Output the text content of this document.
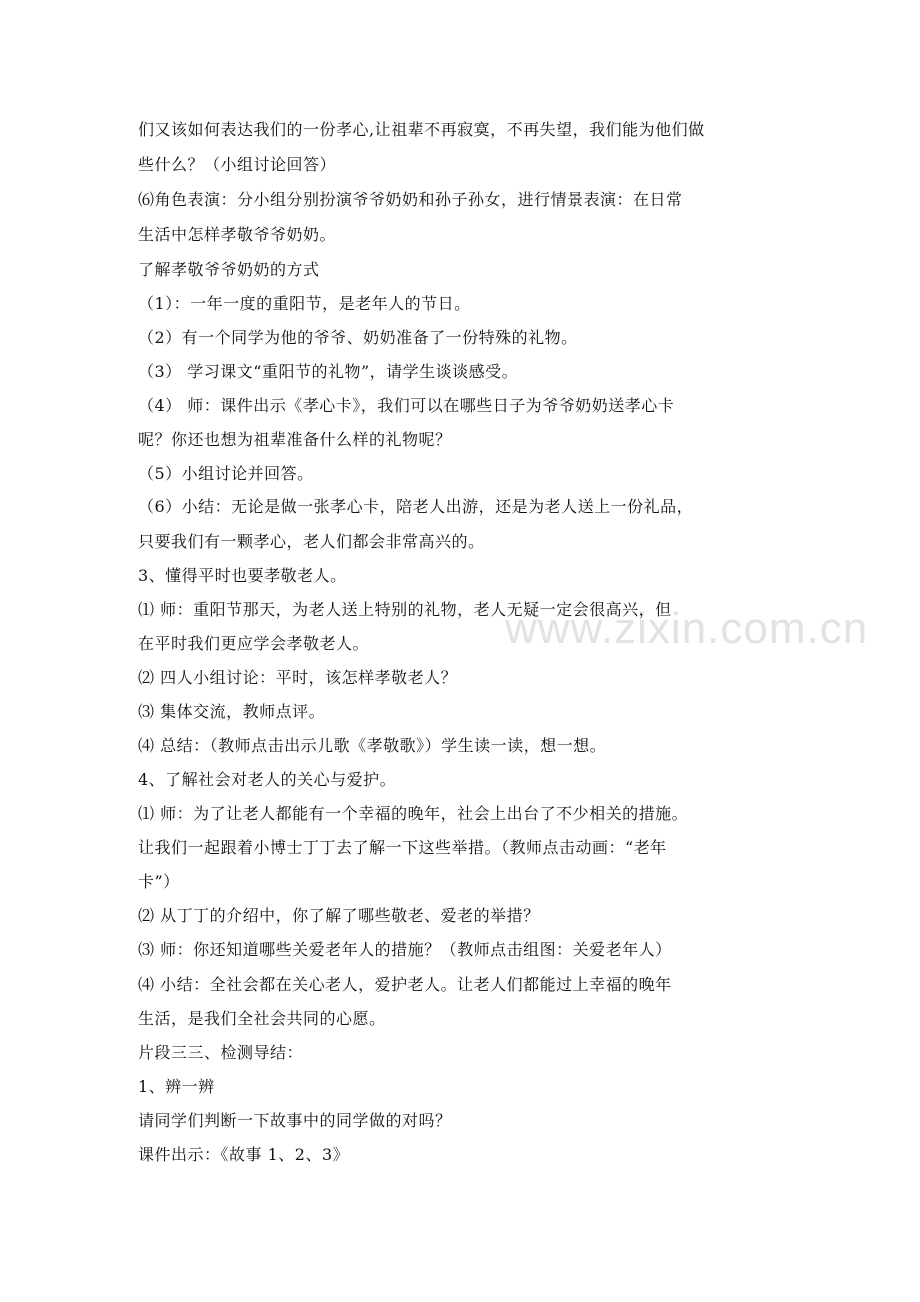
www.zixin.com.cn
们又该如何表达我们的一份孝心,让祖辈不再寂寞，不再失望，我们能为他们做
些什么？（小组讨论回答）
⑹角色表演：分小组分别扮演爷爷奶奶和孙子孙女，进行情景表演：在日常
生活中怎样孝敬爷爷奶奶。
了解孝敬爷爷奶奶的方式
（1）：一年一度的重阳节，是老年人的节日。
（2）有一个同学为他的爷爷、奶奶准备了一份特殊的礼物。
（3） 学习课文“重阳节的礼物”，请学生谈谈感受。
（4） 师：课件出示《孝心卡》，我们可以在哪些日子为爷爷奶奶送孝心卡
呢？你还也想为祖辈准备什么样的礼物呢？
（5）小组讨论并回答。
（6）小结：无论是做一张孝心卡，陪老人出游，还是为老人送上一份礼品，
只要我们有一颗孝心，老人们都会非常高兴的。
3、懂得平时也要孝敬老人。
⑴ 师：重阳节那天，为老人送上特别的礼物，老人无疑一定会很高兴，但
在平时我们更应学会孝敬老人。
⑵ 四人小组讨论：平时，该怎样孝敬老人？
⑶ 集体交流，教师点评。
⑷ 总结：（教师点击出示儿歌《孝敬歌》）学生读一读，想一想。
4、了解社会对老人的关心与爱护。
⑴ 师：为了让老人都能有一个幸福的晚年，社会上出台了不少相关的措施。
让我们一起跟着小博士丁丁去了解一下这些举措。（教师点击动画：“老年
卡”）
⑵ 从丁丁的介绍中，你了解了哪些敬老、爱老的举措？
⑶ 师：你还知道哪些关爱老年人的措施？（教师点击组图：关爱老年人）
⑷ 小结：全社会都在关心老人，爱护老人。让老人们都能过上幸福的晚年
生活，是我们全社会共同的心愿。
片段三三、检测导结：
1、辨一辨
请同学们判断一下故事中的同学做的对吗？
课件出示：《故事 1、2、3》
